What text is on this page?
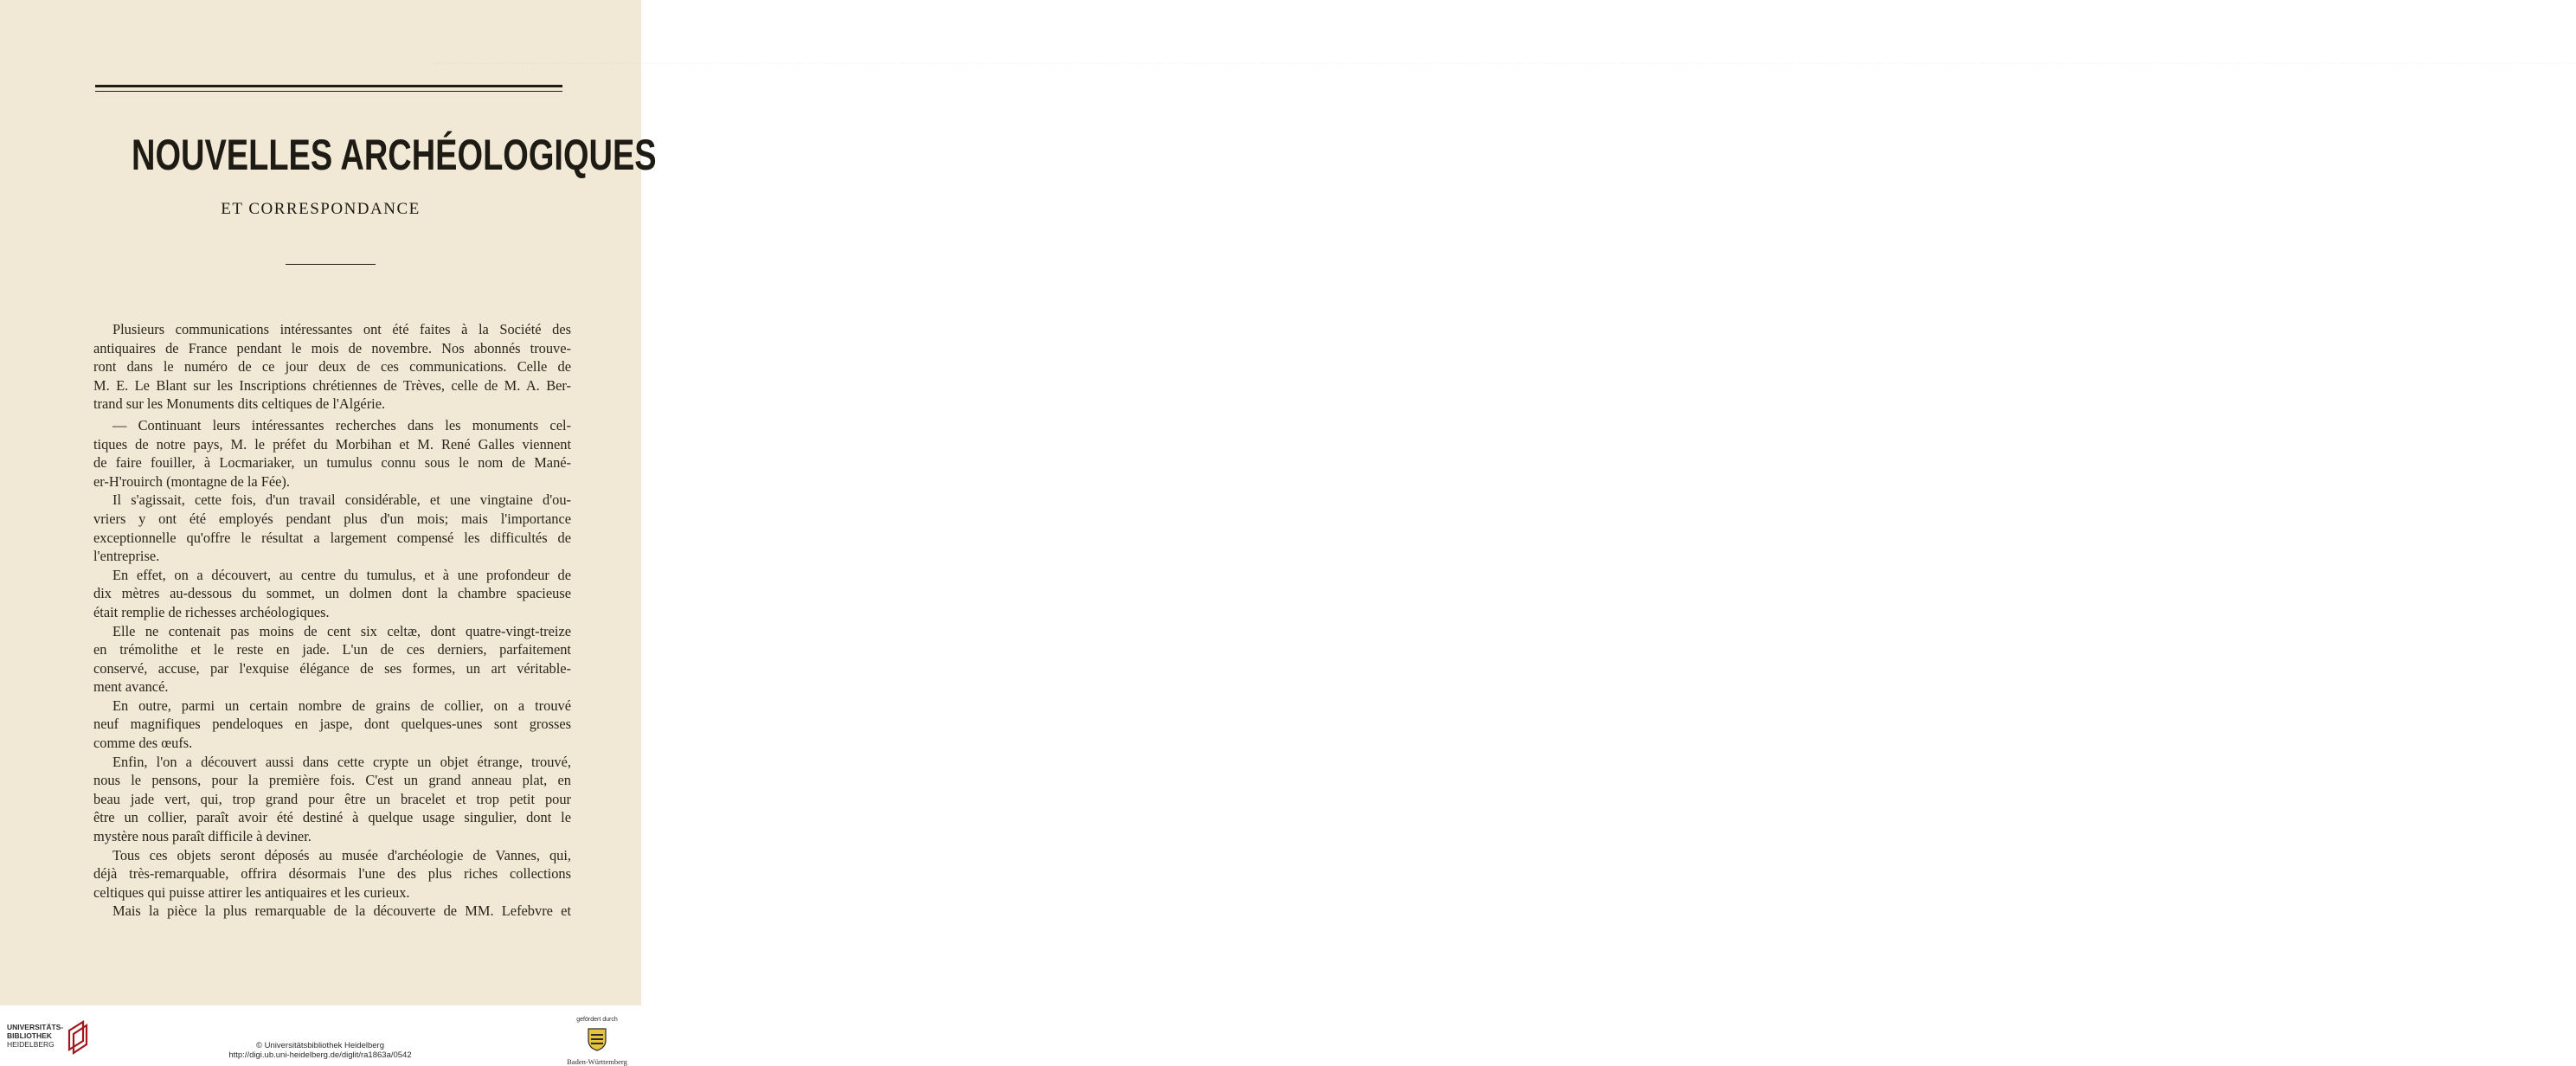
..........................................................................................................................................................................................................................................................................................................................................................................................................................................................................................................................................................................................................................................................................................................................................................................................
NOUVELLES ARCHÉOLOGIQUES
ET CORRESPONDANCE

Plusieurs communications intéressantes ont été faites à la Société des
antiquaires de France pendant le mois de novembre. Nos abonnés trouve-
ront dans le numéro de ce jour deux de ces communications. Celle de
M. E. Le Blant sur les Inscriptions chrétiennes de Trèves, celle de M. A. Ber-
trand sur les Monuments dits celtiques de l'Algérie.

— Continuant leurs intéressantes recherches dans les monuments cel-
tiques de notre pays, M. le préfet du Morbihan et M. René Galles viennent
de faire fouiller, à Locmariaker, un tumulus connu sous le nom de Mané-
er-H'rouirch (montagne de la Fée).

Il s'agissait, cette fois, d'un travail considérable, et une vingtaine d'ou-
vriers y ont été employés pendant plus d'un mois; mais l'importance
exceptionnelle qu'offre le résultat a largement compensé les difficultés de
l'entreprise.

En effet, on a découvert, au centre du tumulus, et à une profondeur de
dix mètres au-dessous du sommet, un dolmen dont la chambre spacieuse
était remplie de richesses archéologiques.

Elle ne contenait pas moins de cent six celtæ, dont quatre-vingt-treize
en trémolithe et le reste en jade. L'un de ces derniers, parfaitement
conservé, accuse, par l'exquise élégance de ses formes, un art véritable-
ment avancé.

En outre, parmi un certain nombre de grains de collier, on a trouvé
neuf magnifiques pendeloques en jaspe, dont quelques-unes sont grosses
comme des œufs.

Enfin, l'on a découvert aussi dans cette crypte un objet étrange, trouvé,
nous le pensons, pour la première fois. C'est un grand anneau plat, en
beau jade vert, qui, trop grand pour être un bracelet et trop petit pour
être un collier, paraît avoir été destiné à quelque usage singulier, dont le
mystère nous paraît difficile à deviner.

Tous ces objets seront déposés au musée d'archéologie de Vannes, qui,
déjà très-remarquable, offrira désormais l'une des plus riches collections
celtiques qui puisse attirer les antiquaires et les curieux.

Mais la pièce la plus remarquable de la découverte de MM. Lefebvre et

UNIVERSITÄTS-
BIBLIOTHEK
HEIDELBERG	© Universitätsbibliothek Heidelberg
http://digi.ub.uni-heidelberg.de/diglit/ra1863a/0542
gefördert durch
Baden-Württemberg
